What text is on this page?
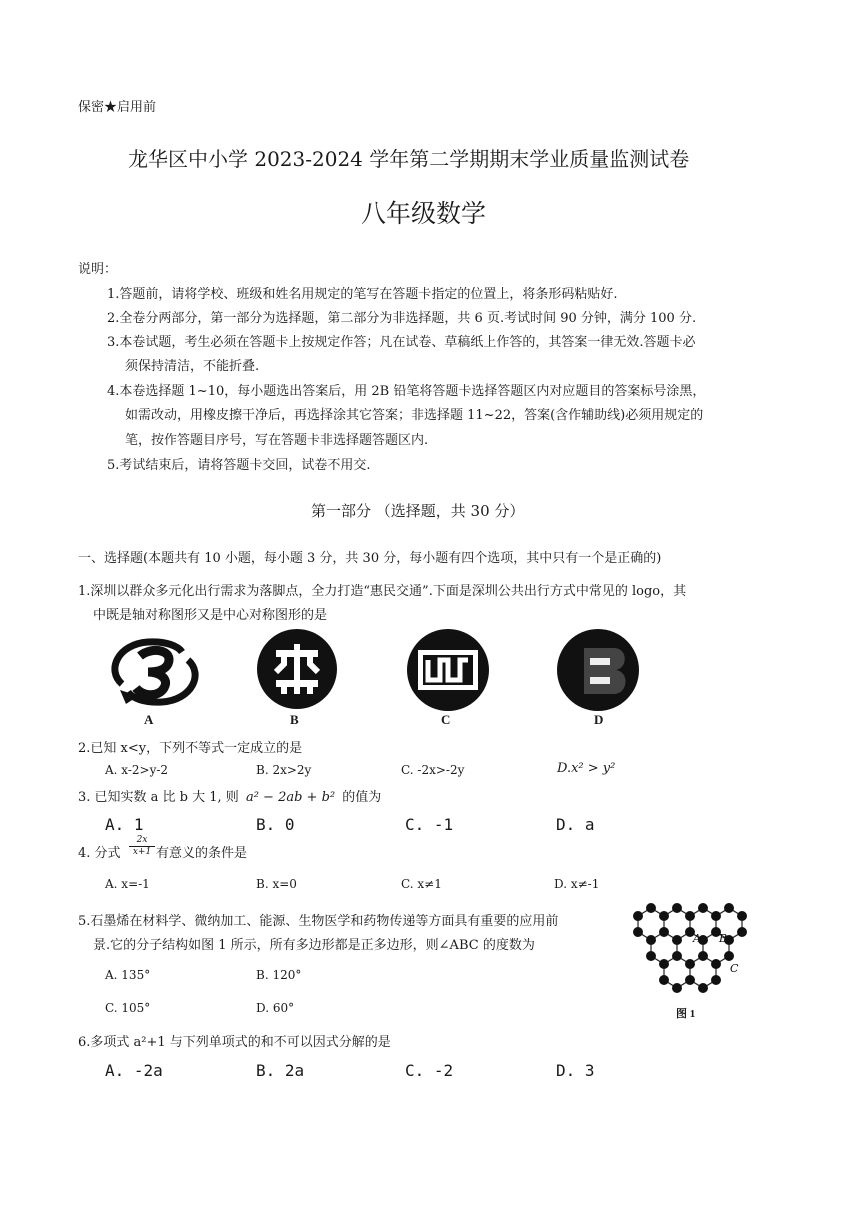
保密★启用前
龙华区中小学 2023-2024 学年第二学期期末学业质量监测试卷
八年级数学
说明：
1.答题前，请将学校、班级和姓名用规定的笔写在答题卡指定的位置上，将条形码粘贴好.
2.全卷分两部分，第一部分为选择题，第二部分为非选择题，共 6 页.考试时间 90 分钟，满分 100 分.
3.本卷试题，考生必须在答题卡上按规定作答；凡在试卷、草稿纸上作答的，其答案一律无效.答题卡必
须保持清洁，不能折叠.
4.本卷选择题 1~10，每小题选出答案后，用 2B 铅笔将答题卡选择答题区内对应题目的答案标号涂黑，
如需改动，用橡皮擦干净后，再选择涂其它答案；非选择题 11~22，答案(含作辅助线)必须用规定的
笔，按作答题目序号，写在答题卡非选择题答题区内.
5.考试结束后，请将答题卡交回，试卷不用交.
第一部分 （选择题，共 30 分）
一、选择题(本题共有 10 小题，每小题 3 分，共 30 分，每小题有四个选项，其中只有一个是正确的)
1.深圳以群众多元化出行需求为落脚点，全力打造“惠民交通”.下面是深圳公共出行方式中常见的 logo，其
中既是轴对称图形又是中心对称图形的是
A	B	C	D
2.已知 x<y，下列不等式一定成立的是
A. x-2>y-2	B. 2x>2y	C. -2x>-2y	D.x² > y²
3. 已知实数 a 比 b 大 1, 则 a² − 2ab + b² 的值为
A. 1	B. 0	C. -1	D. a
4. 分式 $\frac{2x}{x+1}$ 有意义的条件是
A. x=-1	B. x=0	C. x≠1	D. x≠-1
5.石墨烯在材料学、微纳加工、能源、生物医学和药物传递等方面具有重要的应用前
景.它的分子结构如图 1 所示，所有多边形都是正多边形，则∠ABC 的度数为
A. 135°	B. 120°
C. 105°	D. 60°
A B
C
图 1
6.多项式 a²+1 与下列单项式的和不可以因式分解的是
A. -2a	B. 2a	C. -2	D. 3
